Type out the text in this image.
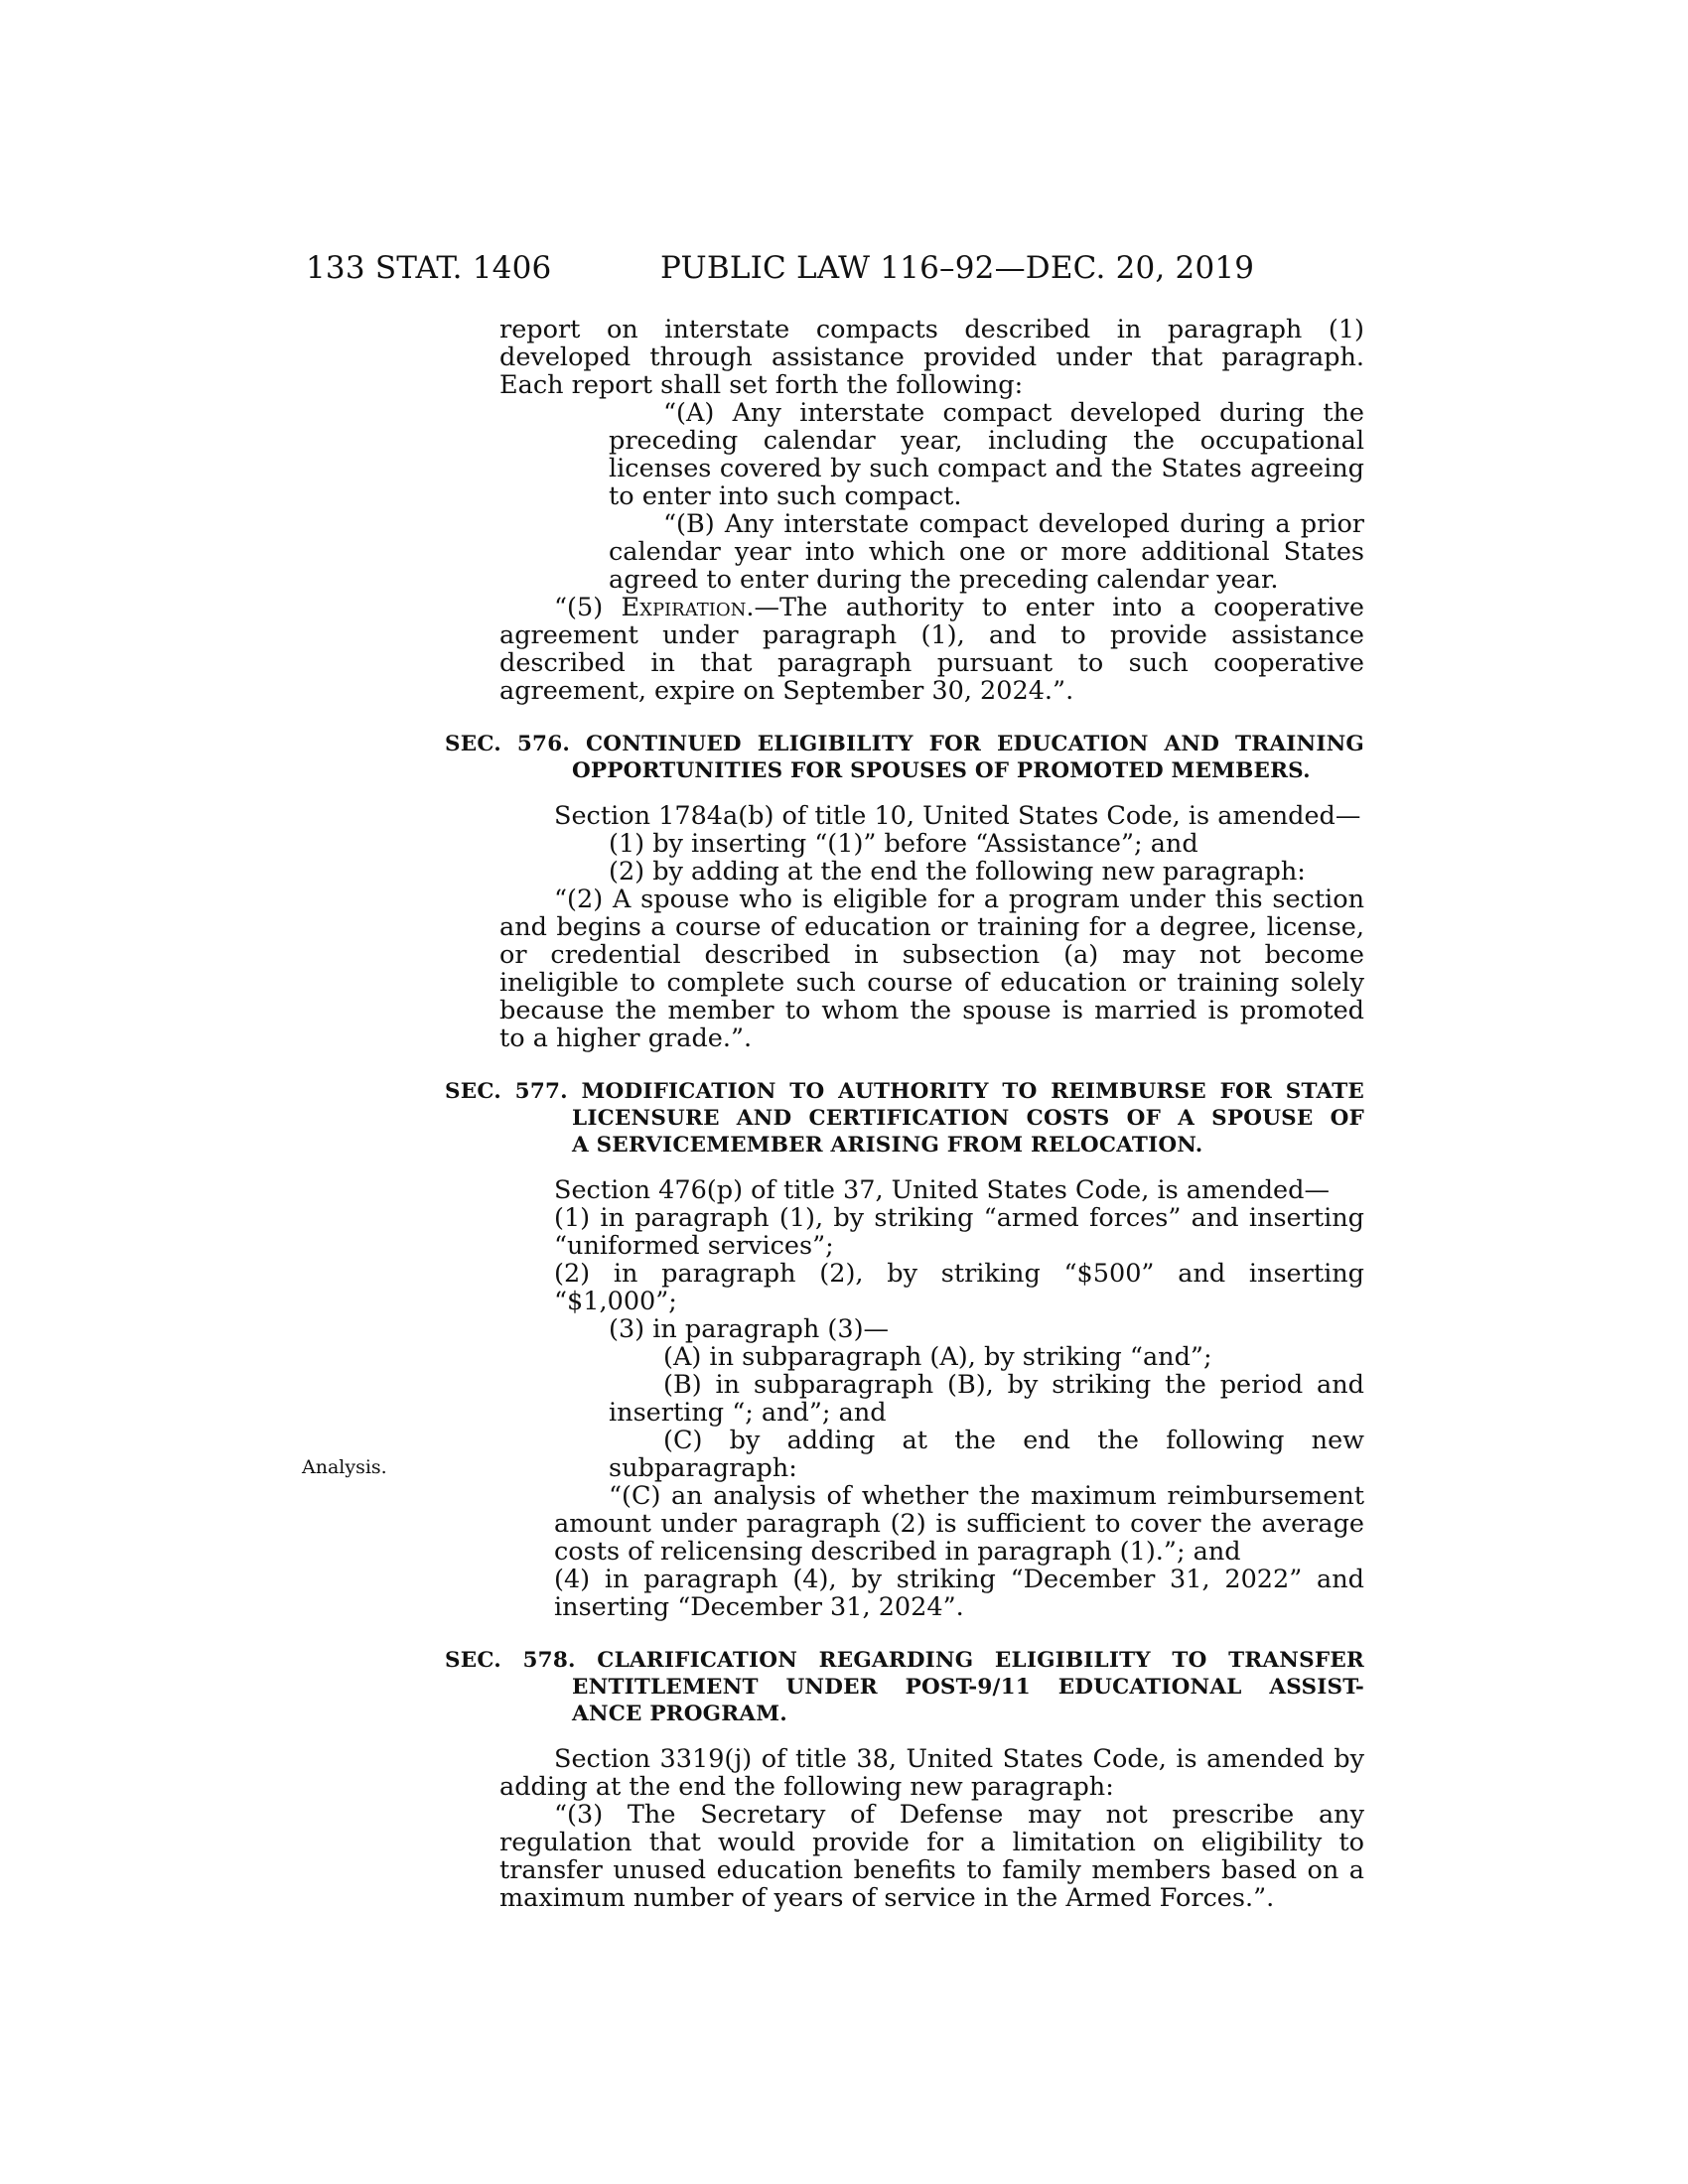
133 STAT. 1406	PUBLIC LAW 116–92—DEC. 20, 2019
Analysis.

report on interstate compacts described in paragraph (1) developed through assistance provided under that paragraph. Each report shall set forth the following:

“(A) Any interstate compact developed during the preceding calendar year, including the occupational licenses covered by such compact and the States agreeing to enter into such compact.

“(B) Any interstate compact developed during a prior calendar year into which one or more additional States agreed to enter during the preceding calendar year.

“(5) Expiration.—The authority to enter into a cooperative agreement under paragraph (1), and to provide assistance described in that paragraph pursuant to such cooperative agreement, expire on September 30, 2024.”.

SEC. 576. CONTINUED ELIGIBILITY FOR EDUCATION AND TRAINING
OPPORTUNITIES FOR SPOUSES OF PROMOTED MEMBERS.

Section 1784a(b) of title 10, United States Code, is amended—

(1) by inserting “(1)” before “Assistance”; and

(2) by adding at the end the following new paragraph:

“(2) A spouse who is eligible for a program under this section and begins a course of education or training for a degree, license, or credential described in subsection (a) may not become ineligible to complete such course of education or training solely because the member to whom the spouse is married is promoted to a higher grade.”.

SEC. 577. MODIFICATION TO AUTHORITY TO REIMBURSE FOR STATE
LICENSURE AND CERTIFICATION COSTS OF A SPOUSE OF
A SERVICEMEMBER ARISING FROM RELOCATION.

Section 476(p) of title 37, United States Code, is amended—

(1) in paragraph (1), by striking “armed forces” and inserting “uniformed services”;

(2) in paragraph (2), by striking “$500” and inserting “$1,000”;

(3) in paragraph (3)—

(A) in subparagraph (A), by striking “and”;

(B) in subparagraph (B), by striking the period and inserting “; and”; and

(C) by adding at the end the following new subparagraph:

“(C) an analysis of whether the maximum reimbursement amount under paragraph (2) is sufficient to cover the average costs of relicensing described in paragraph (1).”; and

(4) in paragraph (4), by striking “December 31, 2022” and inserting “December 31, 2024”.

SEC. 578. CLARIFICATION REGARDING ELIGIBILITY TO TRANSFER
ENTITLEMENT UNDER POST-9/11 EDUCATIONAL ASSIST-
ANCE PROGRAM.

Section 3319(j) of title 38, United States Code, is amended by adding at the end the following new paragraph:

“(3) The Secretary of Defense may not prescribe any regulation that would provide for a limitation on eligibility to transfer unused education benefits to family members based on a maximum number of years of service in the Armed Forces.”.
